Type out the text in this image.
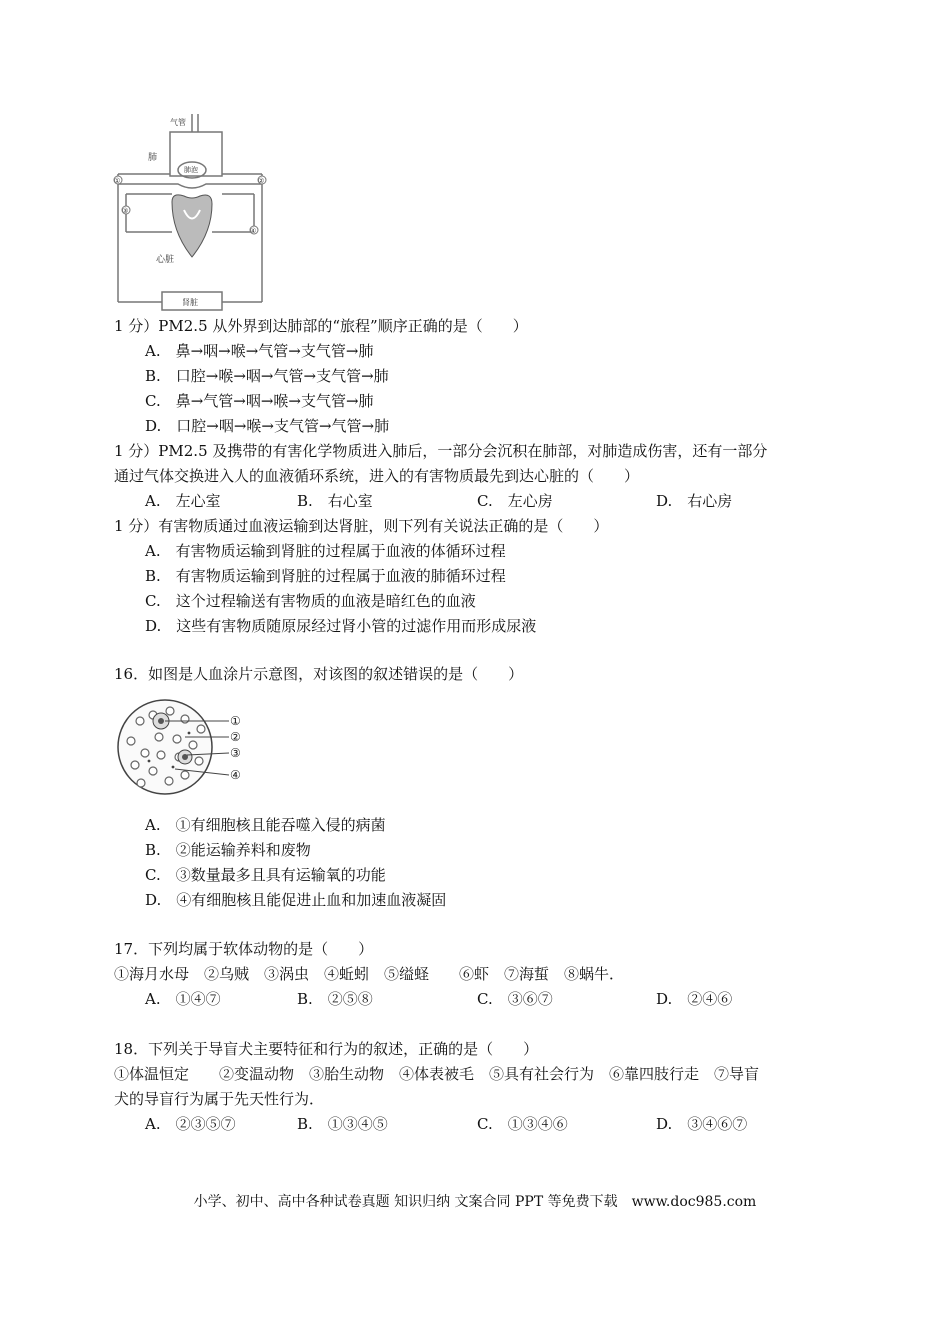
气管
肺
肺泡
心脏
肾脏
①	②
③
④
1 分）PM2.5 从外界到达肺部的“旅程”顺序正确的是（　　）
A.　鼻→咽→喉→气管→支气管→肺
B.　口腔→喉→咽→气管→支气管→肺
C.　鼻→气管→咽→喉→支气管→肺
D.　口腔→咽→喉→支气管→气管→肺
1 分）PM2.5 及携带的有害化学物质进入肺后，一部分会沉积在肺部，对肺造成伤害，还有一部分
通过气体交换进入人的血液循环系统，进入的有害物质最先到达心脏的（　　）
A.　左心室	B.　右心室	C.　左心房	D.　右心房
1 分）有害物质通过血液运输到达肾脏，则下列有关说法正确的是（　　）
A.　有害物质运输到肾脏的过程属于血液的体循环过程
B.　有害物质运输到肾脏的过程属于血液的肺循环过程
C.　这个过程输送有害物质的血液是暗红色的血液
D.　这些有害物质随原尿经过肾小管的过滤作用而形成尿液
16．如图是人血涂片示意图，对该图的叙述错误的是（　　）
①
②
③
④
A.　①有细胞核且能吞噬入侵的病菌
B.　②能运输养料和废物
C.　③数量最多且具有运输氧的功能
D.　④有细胞核且能促进止血和加速血液凝固
17．下列均属于软体动物的是（　　）
①海月水母　②乌贼　③涡虫　④蚯蚓　⑤缢蛏　　⑥虾　⑦海蜇　⑧蜗牛．
A.　①④⑦	B.　②⑤⑧	C.　③⑥⑦	D.　②④⑥
18．下列关于导盲犬主要特征和行为的叙述，正确的是（　　）
①体温恒定　　②变温动物　③胎生动物　④体表被毛　⑤具有社会行为　⑥靠四肢行走　⑦导盲
犬的导盲行为属于先天性行为．
A.　②③⑤⑦	B.　①③④⑤	C.　①③④⑥	D.　③④⑥⑦
小学、初中、高中各种试卷真题 知识归纳 文案合同 PPT 等免费下载　www.doc985.com
